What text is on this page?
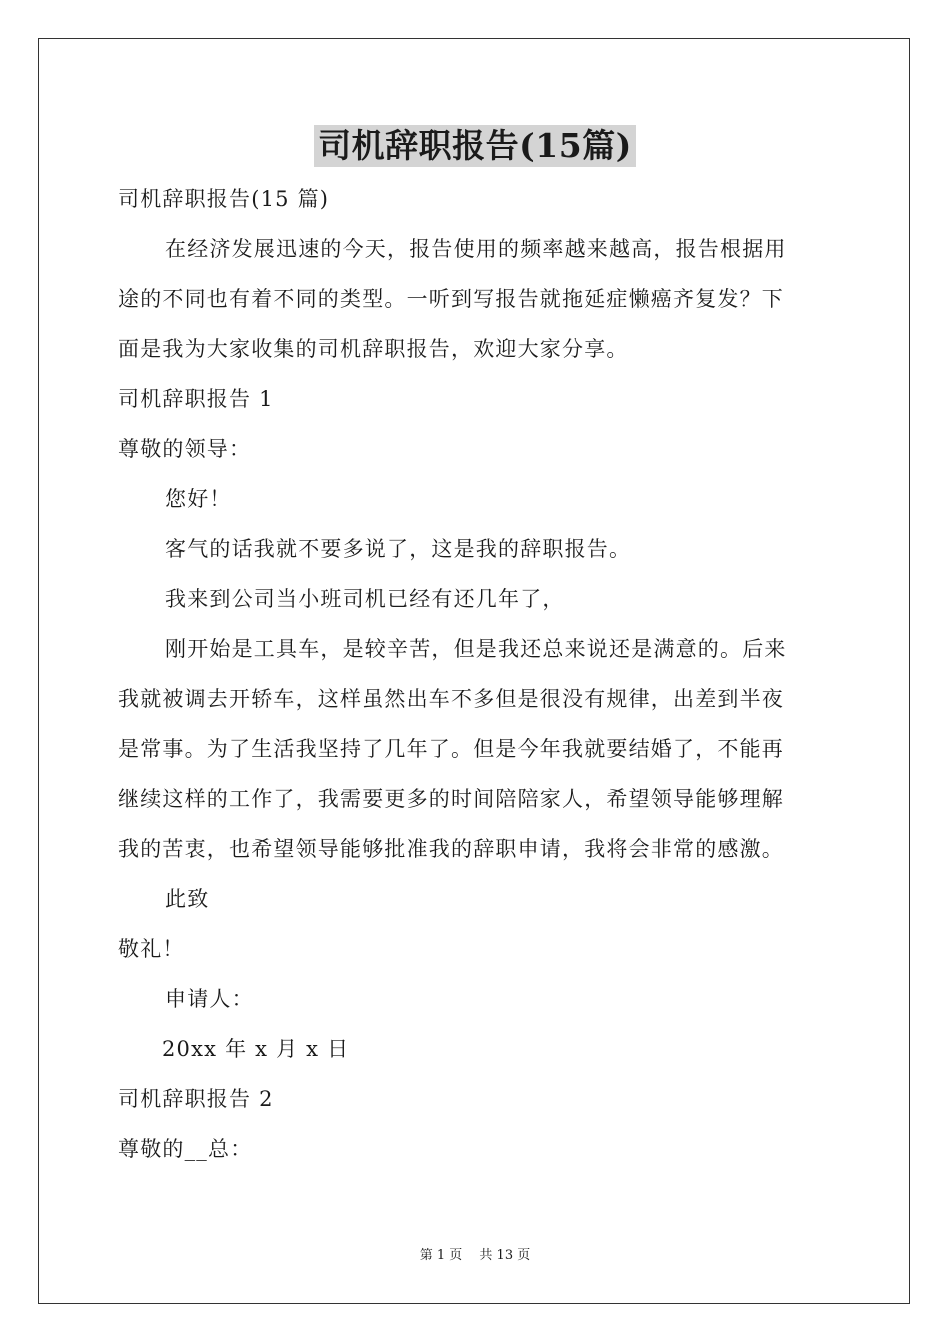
司机辞职报告(15篇)

司机辞职报告(15 篇)

在经济发展迅速的今天，报告使用的频率越来越高，报告根据用

途的不同也有着不同的类型。一听到写报告就拖延症懒癌齐复发？下

面是我为大家收集的司机辞职报告，欢迎大家分享。

司机辞职报告 1

尊敬的领导：

您好！

客气的话我就不要多说了，这是我的辞职报告。

我来到公司当小班司机已经有还几年了，

刚开始是工具车，是较辛苦，但是我还总来说还是满意的。后来

我就被调去开轿车，这样虽然出车不多但是很没有规律，出差到半夜

是常事。为了生活我坚持了几年了。但是今年我就要结婚了，不能再

继续这样的工作了，我需要更多的时间陪陪家人，希望领导能够理解

我的苦衷，也希望领导能够批准我的辞职申请，我将会非常的感激。

此致

敬礼！

申请人：

20xx 年 x 月 x 日

司机辞职报告 2

尊敬的__总：

第 1 页　 共 13 页
